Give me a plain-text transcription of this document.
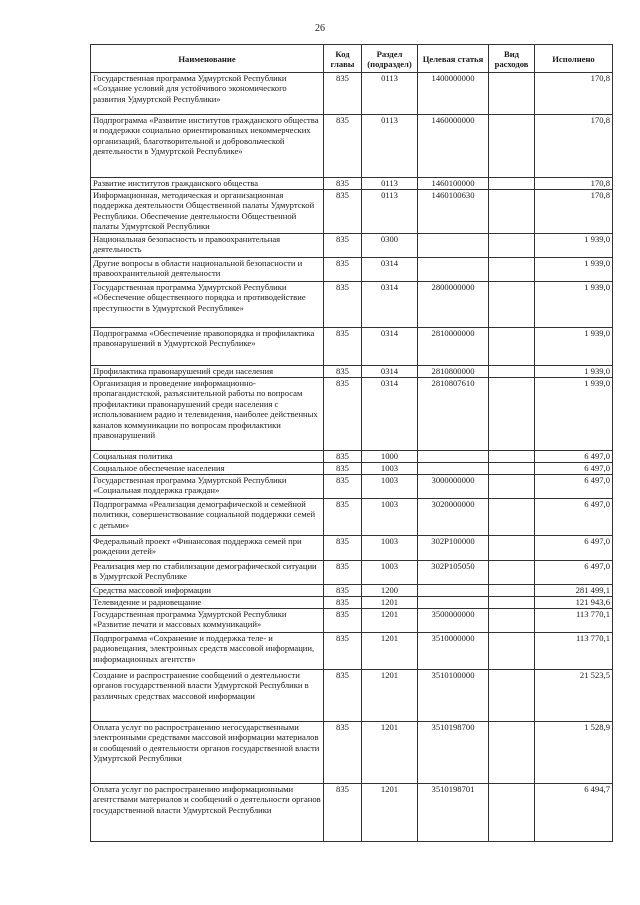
26
Наименование	Код главы	Раздел (подраздел)	Целевая статья	Вид расходов	Исполнено
Государственная программа Удмуртской Республики «Создание условий для устойчивого экономического развития Удмуртской Республики»	835	0113	1400000000		170,8
Подпрограмма «Развитие институтов гражданского общества и поддержки социально ориентированных некоммерческих организаций, благотворительной и добровольческой деятельности в Удмуртской Республике»	835	0113	1460000000		170,8
Развитие институтов гражданского общества	835	0113	1460100000		170,8
Информационная, методическая и организационная поддержка деятельности Общественной палаты Удмуртской Республики. Обеспечение деятельности Общественной палаты Удмуртской Республики	835	0113	1460100630		170,8
Национальная безопасность и правоохранительная деятельность	835	0300			1 939,0
Другие вопросы в области национальной безопасности и правоохранительной деятельности	835	0314			1 939,0
Государственная программа Удмуртской Республики «Обеспечение общественного порядка и противодействие преступности в Удмуртской Республике»	835	0314	2800000000		1 939,0
Подпрограмма «Обеспечение правопорядка и профилактика правонарушений в Удмуртской Республике»	835	0314	2810000000		1 939,0
Профилактика правонарушений среди населения	835	0314	2810800000		1 939,0
Организация и проведение информационно-пропагандистской, разъяснительной работы по вопросам профилактики правонарушений среди населения с использованием радио и телевидения, наиболее действенных каналов коммуникации по вопросам профилактики правонарушений	835	0314	2810807610		1 939,0
Социальная политика	835	1000			6 497,0
Социальное обеспечение населения	835	1003			6 497,0
Государственная программа Удмуртской Республики «Социальная поддержка граждан»	835	1003	3000000000		6 497,0
Подпрограмма «Реализация демографической и семейной политики, совершенствование социальной поддержки семей с детьми»	835	1003	3020000000		6 497,0
Федеральный проект «Финансовая поддержка семей при рождении детей»	835	1003	302P100000		6 497,0
Реализация мер по стабилизации демографической ситуации в Удмуртской Республике	835	1003	302P105050		6 497,0
Средства массовой информации	835	1200			281 499,1
Телевидение и радиовещание	835	1201			121 943,6
Государственная программа Удмуртской Республики «Развитие печати и массовых коммуникаций»	835	1201	3500000000		113 770,1
Подпрограмма «Сохранение и поддержка теле- и радиовещания, электронных средств массовой информации, информационных агентств»	835	1201	3510000000		113 770,1
Создание и распространение сообщений о деятельности органов государственной власти Удмуртской Республики в различных средствах массовой информации	835	1201	3510100000		21 523,5
Оплата услуг по распространению негосударственными электронными средствами массовой информации материалов и сообщений о деятельности органов государственной власти Удмуртской Республики	835	1201	3510198700		1 528,9
Оплата услуг по распространению информационными агентствами материалов и сообщений о деятельности органов государственной власти Удмуртской Республики	835	1201	3510198701		6 494,7
